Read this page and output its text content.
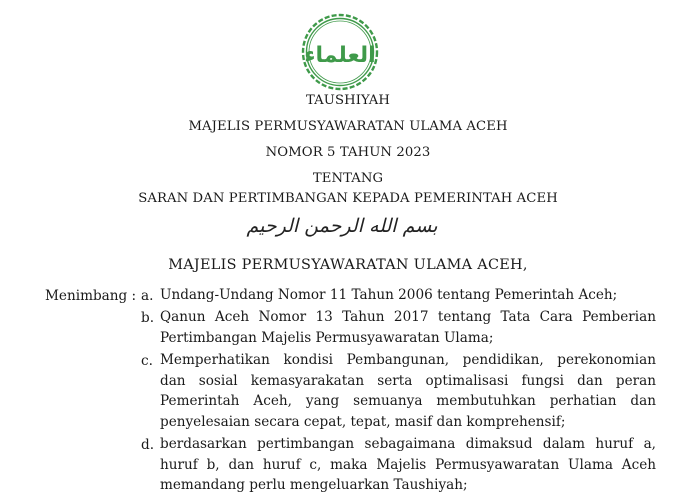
العلماء
TAUSHIYAH
MAJELIS PERMUSYAWARATAN ULAMA ACEH
NOMOR 5 TAHUN 2023
TENTANG
SARAN DAN PERTIMBANGAN KEPADA PEMERINTAH ACEH
بسم الله الرحمن الرحيم
MAJELIS PERMUSYAWARATAN ULAMA ACEH,
Menimbang : a. Undang-Undang Nomor 11 Tahun 2006 tentang Pemerintah Aceh;
b. Qanun Aceh Nomor 13 Tahun 2017 tentang Tata Cara Pemberian
Pertimbangan Majelis Permusyawaratan Ulama;
c. Memperhatikan kondisi Pembangunan, pendidikan, perekonomian
dan sosial kemasyarakatan serta optimalisasi fungsi dan peran
Pemerintah Aceh, yang semuanya membutuhkan perhatian dan
penyelesaian secara cepat, tepat, masif dan komprehensif;
d. berdasarkan pertimbangan sebagaimana dimaksud dalam huruf a,
huruf b, dan huruf c, maka Majelis Permusyawaratan Ulama Aceh
memandang perlu mengeluarkan Taushiyah;
